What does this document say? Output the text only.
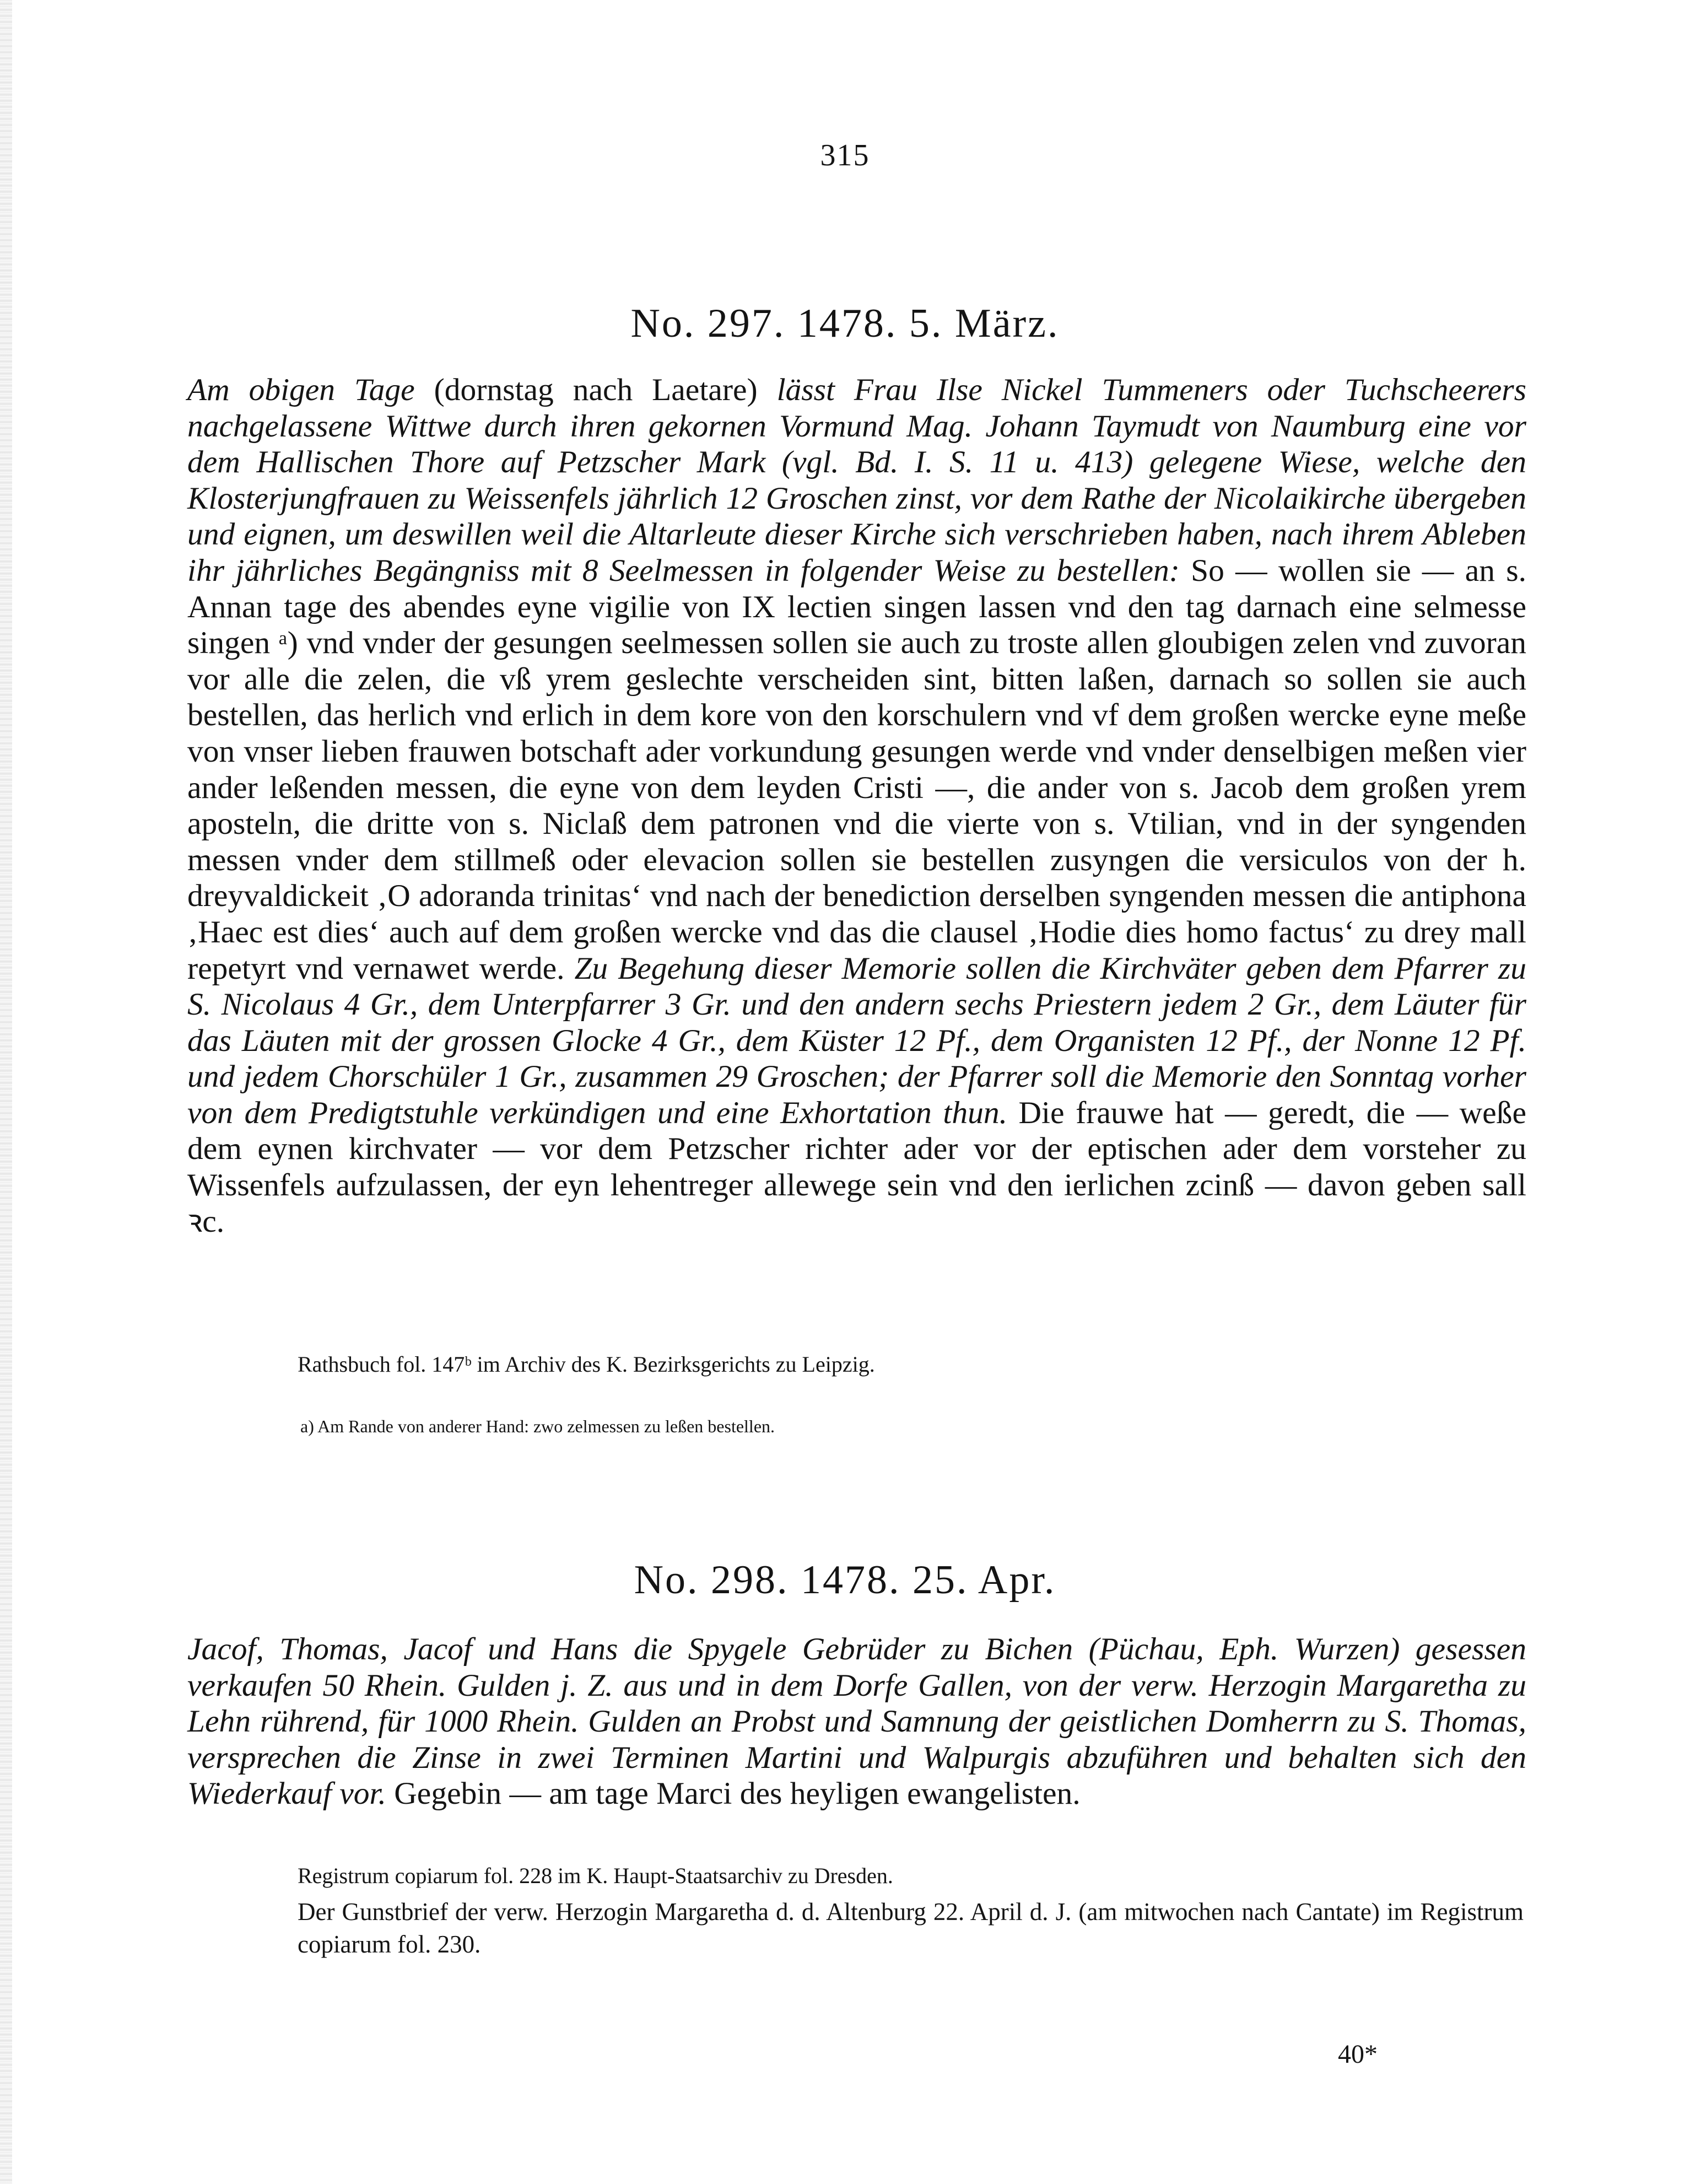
315
No. 297. 1478. 5. März.

Am obigen Tage (dornstag nach Laetare) lässt Frau Ilse Nickel Tummeners oder Tuchscheerers nachgelassene Wittwe durch ihren gekornen Vormund Mag. Johann Taymudt von Naumburg eine vor dem Hallischen Thore auf Petzscher Mark (vgl. Bd. I. S. 11 u. 413) gelegene Wiese, welche den Klosterjungfrauen zu Weissenfels jährlich 12 Groschen zinst, vor dem Rathe der Nicolaikirche übergeben und eignen, um deswillen weil die Altarleute dieser Kirche sich verschrieben haben, nach ihrem Ableben ihr jährliches Begängniss mit 8 Seelmessen in folgender Weise zu bestellen: So — wollen sie — an s. Annan tage des abendes eyne vigilie von IX lectien singen lassen vnd den tag darnach eine selmesse singen ᵃ) vnd vnder der gesungen seelmessen sollen sie auch zu troste allen gloubigen zelen vnd zuvoran vor alle die zelen, die vß yrem geslechte verscheiden sint, bitten laßen, darnach so sollen sie auch bestellen, das herlich vnd erlich in dem kore von den korschulern vnd vf dem großen wercke eyne meße von vnser lieben frauwen botschaft ader vorkundung gesungen werde vnd vnder denselbigen meßen vier ander leßenden messen, die eyne von dem leyden Cristi —, die ander von s. Jacob dem großen yrem aposteln, die dritte von s. Niclaß dem patronen vnd die vierte von s. Vtilian, vnd in der syngenden messen vnder dem stillmeß oder elevacion sollen sie bestellen zusyngen die versiculos von der h. dreyvaldickeit ‚O adoranda trinitas‘ vnd nach der benediction derselben syngenden messen die antiphona ‚Haec est dies‘ auch auf dem großen wercke vnd das die clausel ‚Hodie dies homo factus‘ zu drey mall repetyrt vnd vernawet werde. Zu Begehung dieser Memorie sollen die Kirchväter geben dem Pfarrer zu S. Nicolaus 4 Gr., dem Unterpfarrer 3 Gr. und den andern sechs Priestern jedem 2 Gr., dem Läuter für das Läuten mit der grossen Glocke 4 Gr., dem Küster 12 Pf., dem Organisten 12 Pf., der Nonne 12 Pf. und jedem Chorschüler 1 Gr., zusammen 29 Groschen; der Pfarrer soll die Memorie den Sonntag vorher von dem Predigtstuhle verkündigen und eine Exhortation thun. Die frauwe hat — geredt, die — weße dem eynen kirchvater — vor dem Petzscher richter ader vor der eptischen ader dem vorsteher zu Wissenfels aufzulassen, der eyn lehentreger allewege sein vnd den ierlichen zcinß — davon geben sall ꝛc.

Rathsbuch fol. 147ᵇ im Archiv des K. Bezirksgerichts zu Leipzig.

a) Am Rande von anderer Hand: zwo zelmessen zu leßen bestellen.

No. 298. 1478. 25. Apr.

Jacof, Thomas, Jacof und Hans die Spygele Gebrüder zu Bichen (Püchau, Eph. Wurzen) gesessen verkaufen 50 Rhein. Gulden j. Z. aus und in dem Dorfe Gallen, von der verw. Herzogin Margaretha zu Lehn rührend, für 1000 Rhein. Gulden an Probst und Samnung der geistlichen Domherrn zu S. Thomas, versprechen die Zinse in zwei Terminen Martini und Walpurgis abzuführen und behalten sich den Wiederkauf vor. Gegebin — am tage Marci des heyligen ewangelisten.

Registrum copiarum fol. 228 im K. Haupt-Staatsarchiv zu Dresden.

Der Gunstbrief der verw. Herzogin Margaretha d. d. Altenburg 22. April d. J. (am mitwochen nach Cantate) im Registrum copiarum fol. 230.

40*
